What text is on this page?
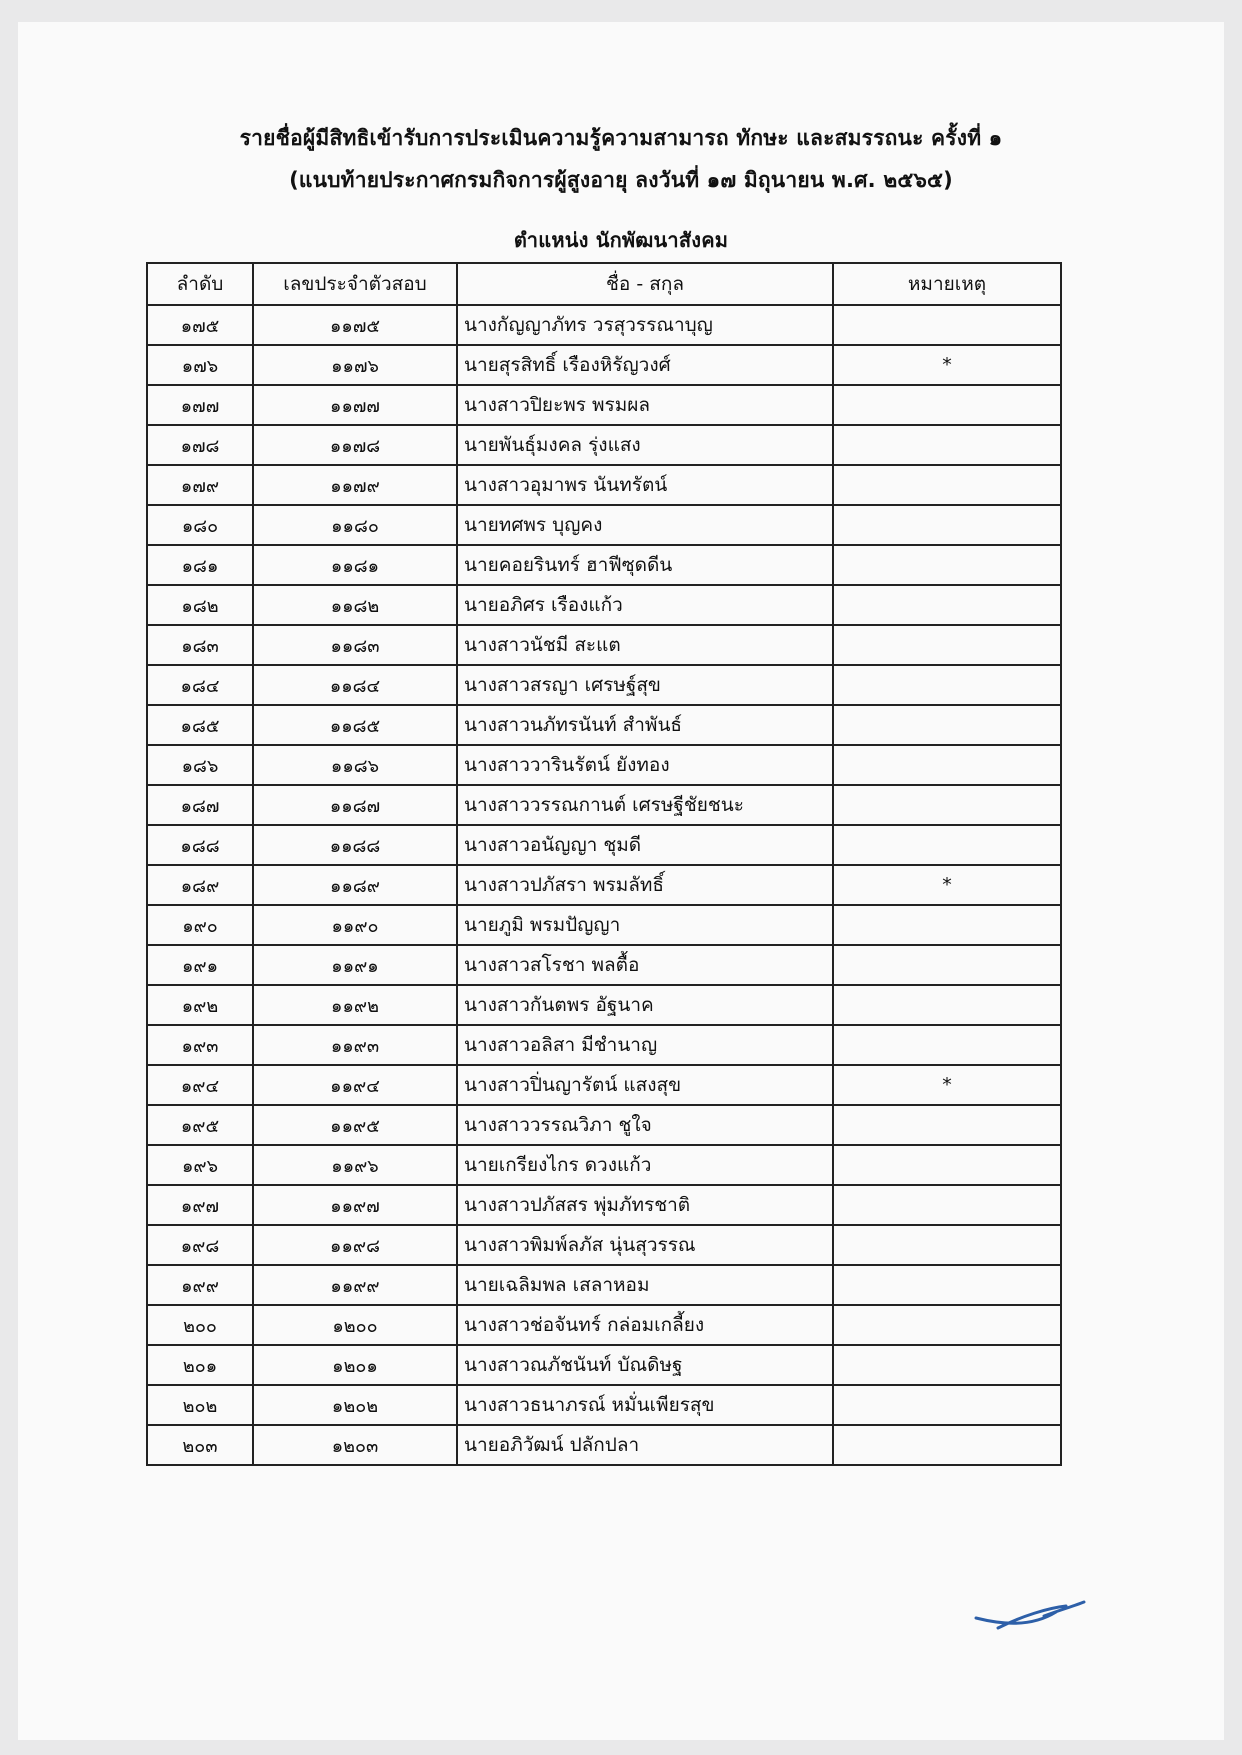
รายชื่อผู้มีสิทธิเข้ารับการประเมินความรู้ความสามารถ ทักษะ และสมรรถนะ ครั้งที่ ๑
(แนบท้ายประกาศกรมกิจการผู้สูงอายุ ลงวันที่ ๑๗ มิถุนายน พ.ศ. ๒๕๖๕)
ตำแหน่ง นักพัฒนาสังคม
ลำดับ	เลขประจำตัวสอบ	ชื่อ - สกุล	หมายเหตุ
๑๗๕	๑๑๗๕	นางกัญญาภัทร วรสุวรรณาบุญ	
๑๗๖	๑๑๗๖	นายสุรสิทธิ์ เรืองหิรัญวงศ์	*
๑๗๗	๑๑๗๗	นางสาวปิยะพร พรมผล	
๑๗๘	๑๑๗๘	นายพันธุ์มงคล รุ่งแสง	
๑๗๙	๑๑๗๙	นางสาวอุมาพร นันทรัตน์	
๑๘๐	๑๑๘๐	นายทศพร บุญคง	
๑๘๑	๑๑๘๑	นายคอยรินทร์ ฮาฟีซุดดีน	
๑๘๒	๑๑๘๒	นายอภิศร เรืองแก้ว	
๑๘๓	๑๑๘๓	นางสาวนัชมี สะแต	
๑๘๔	๑๑๘๔	นางสาวสรญา เศรษฐ์สุข	
๑๘๕	๑๑๘๕	นางสาวนภัทรนันท์ สำพันธ์	
๑๘๖	๑๑๘๖	นางสาววารินรัตน์ ยังทอง	
๑๘๗	๑๑๘๗	นางสาววรรณกานต์ เศรษฐีชัยชนะ	
๑๘๘	๑๑๘๘	นางสาวอนัญญา ชุมดี	
๑๘๙	๑๑๘๙	นางสาวปภัสรา พรมลัทธิ์	*
๑๙๐	๑๑๙๐	นายภูมิ พรมปัญญา	
๑๙๑	๑๑๙๑	นางสาวสโรชา พลตื้อ	
๑๙๒	๑๑๙๒	นางสาวกันตพร อัฐนาค	
๑๙๓	๑๑๙๓	นางสาวอลิสา มีชำนาญ	
๑๙๔	๑๑๙๔	นางสาวปิ่นญารัตน์ แสงสุข	*
๑๙๕	๑๑๙๕	นางสาววรรณวิภา ชูใจ	
๑๙๖	๑๑๙๖	นายเกรียงไกร ดวงแก้ว	
๑๙๗	๑๑๙๗	นางสาวปภัสสร พุ่มภัทรชาติ	
๑๙๘	๑๑๙๘	นางสาวพิมพ์ลภัส นุ่นสุวรรณ	
๑๙๙	๑๑๙๙	นายเฉลิมพล เสลาหอม	
๒๐๐	๑๒๐๐	นางสาวช่อจันทร์ กล่อมเกลี้ยง	
๒๐๑	๑๒๐๑	นางสาวณภัชนันท์ บัณดิษฐ	
๒๐๒	๑๒๐๒	นางสาวธนาภรณ์ หมั่นเพียรสุข	
๒๐๓	๑๒๐๓	นายอภิวัฒน์ ปลักปลา	
